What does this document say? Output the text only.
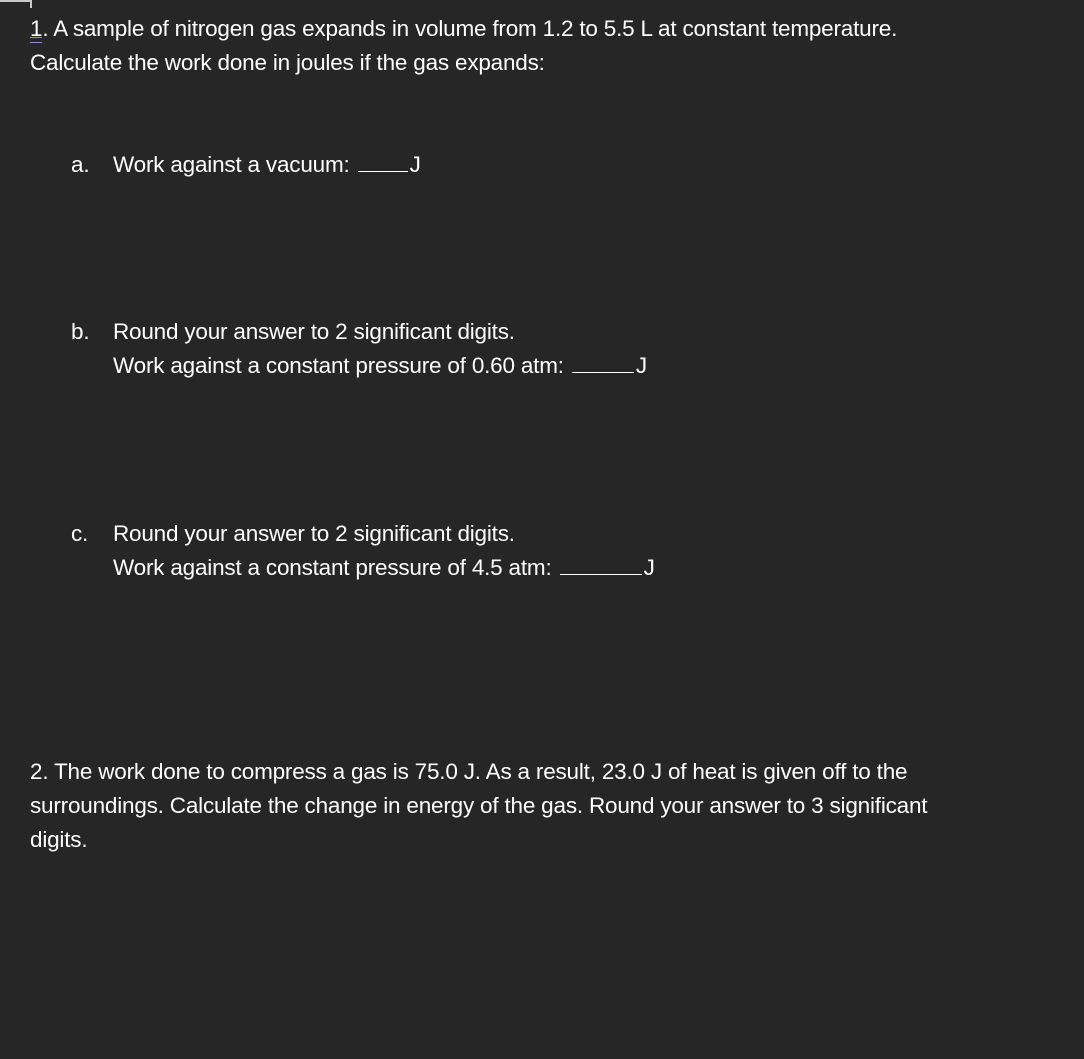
1. A sample of nitrogen gas expands in volume from 1.2 to 5.5 L at constant temperature.
Calculate the work done in joules if the gas expands:
a.	Work against a vacuum:	J
b.	Round your answer to 2 significant digits.
Work against a constant pressure of 0.60 atm:	J
c.	Round your answer to 2 significant digits.
Work against a constant pressure of 4.5 atm:	J
2. The work done to compress a gas is 75.0 J. As a result, 23.0 J of heat is given off to the
surroundings. Calculate the change in energy of the gas. Round your answer to 3 significant
digits.
